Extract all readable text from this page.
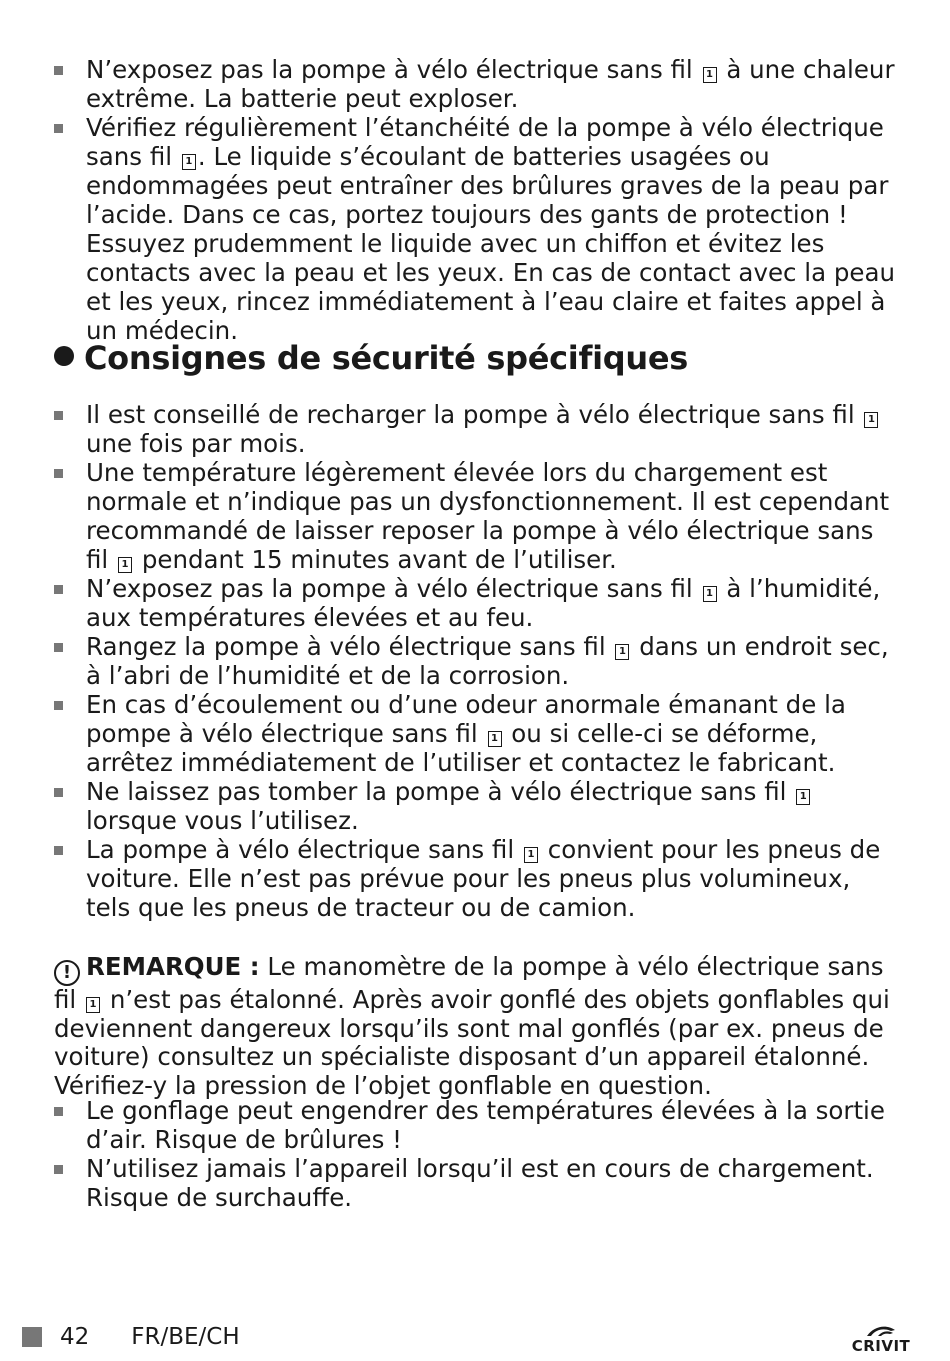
N’exposez pas la pompe à vélo électrique sans fil 1 à une chaleur extrême. La batterie peut exploser.
Vérifiez régulièrement l’étanchéité de la pompe à vélo électrique sans fil 1 . Le liquide s’écoulant de batteries usagées ou endommagées peut entraîner des brûlures graves de la peau par l’acide. Dans ce cas, portez toujours des gants de protection ! Essuyez prudemment le liquide avec un chiffon et évitez les contacts avec la peau et les yeux. En cas de contact avec la peau et les yeux, rincez immédiatement à l’eau claire et faites appel à un médecin.
Consignes de sécurité spécifiques
Il est conseillé de recharger la pompe à vélo électrique sans fil 1 une fois par mois.
Une température légèrement élevée lors du chargement est normale et n’indique pas un dysfonctionnement. Il est cependant recommandé de laisser reposer la pompe à vélo électrique sans fil 1 pendant 15 minutes avant de l’utiliser.
N’exposez pas la pompe à vélo électrique sans fil 1 à l’humidité, aux températures élevées et au feu.
Rangez la pompe à vélo électrique sans fil 1 dans un endroit sec, à l’abri de l’humidité et de la corrosion.
En cas d’écoulement ou d’une odeur anormale émanant de la pompe à vélo électrique sans fil 1 ou si celle-ci se déforme, arrêtez immédiatement de l’utiliser et contactez le fabricant.
Ne laissez pas tomber la pompe à vélo électrique sans fil 1 lorsque vous l’utilisez.
La pompe à vélo électrique sans fil 1 convient pour les pneus de voiture. Elle n’est pas prévue pour les pneus plus volumineux, tels que les pneus de tracteur ou de camion.

! REMARQUE : Le manomètre de la pompe à vélo électrique sans fil 1 n’est pas étalonné. Après avoir gonflé des objets gonflables qui deviennent dangereux lorsqu’ils sont mal gonflés (par ex. pneus de voiture) consultez un spécialiste disposant d’un appareil étalonné. Vérifiez-y la pression de l’objet gonflable en question.

Le gonflage peut engendrer des températures élevées à la sortie d’air. Risque de brûlures !
N’utilisez jamais l’appareil lorsqu’il est en cours de chargement. Risque de surchauffe.
42 FR/BE/CH	CRIVIT
